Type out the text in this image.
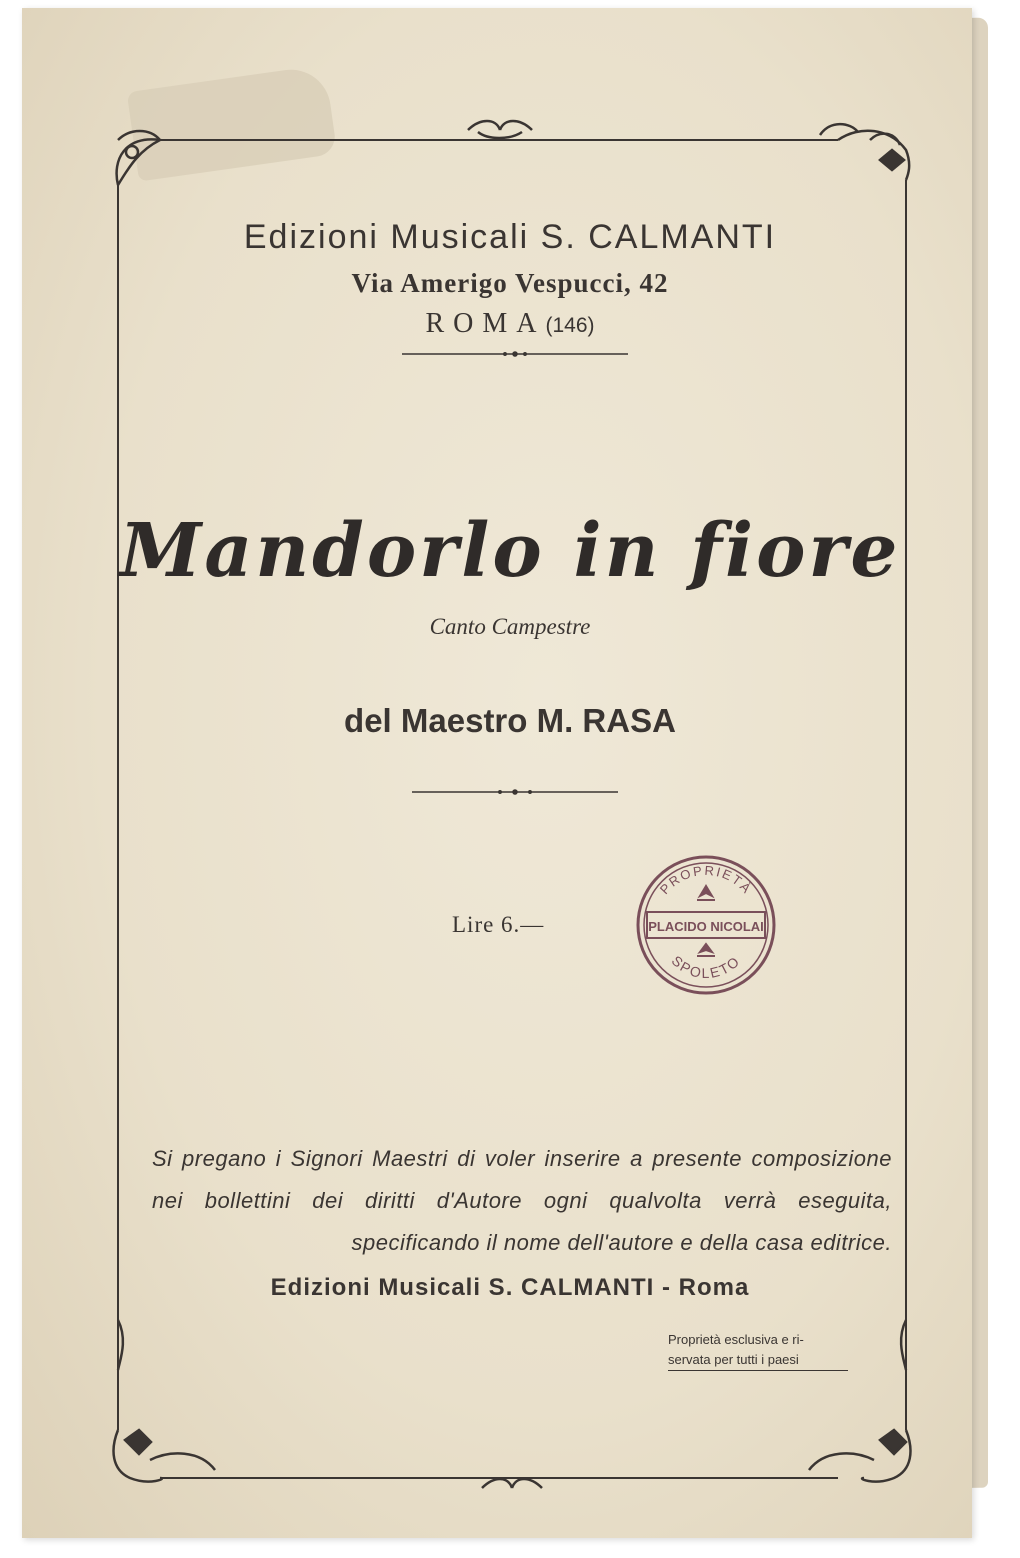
Edizioni Musicali S. CALMANTI
Via Amerigo Vespucci, 42
ROMA(146)
Mandorlo in fiore
Canto Campestre
del Maestro M. RASA
Lire 6.—
PROPRIETÀ
PLACIDO NICOLAI
SPOLETO
Si pregano i Signori Maestri di voler inserire a presente composizione nei bollettini dei diritti d'Autore ogni qualvolta verrà eseguita, specificando il nome dell'autore e della casa editrice.
Edizioni Musicali S. CALMANTI - Roma
Proprietà esclusiva e ri-
servata per tutti i paesi
